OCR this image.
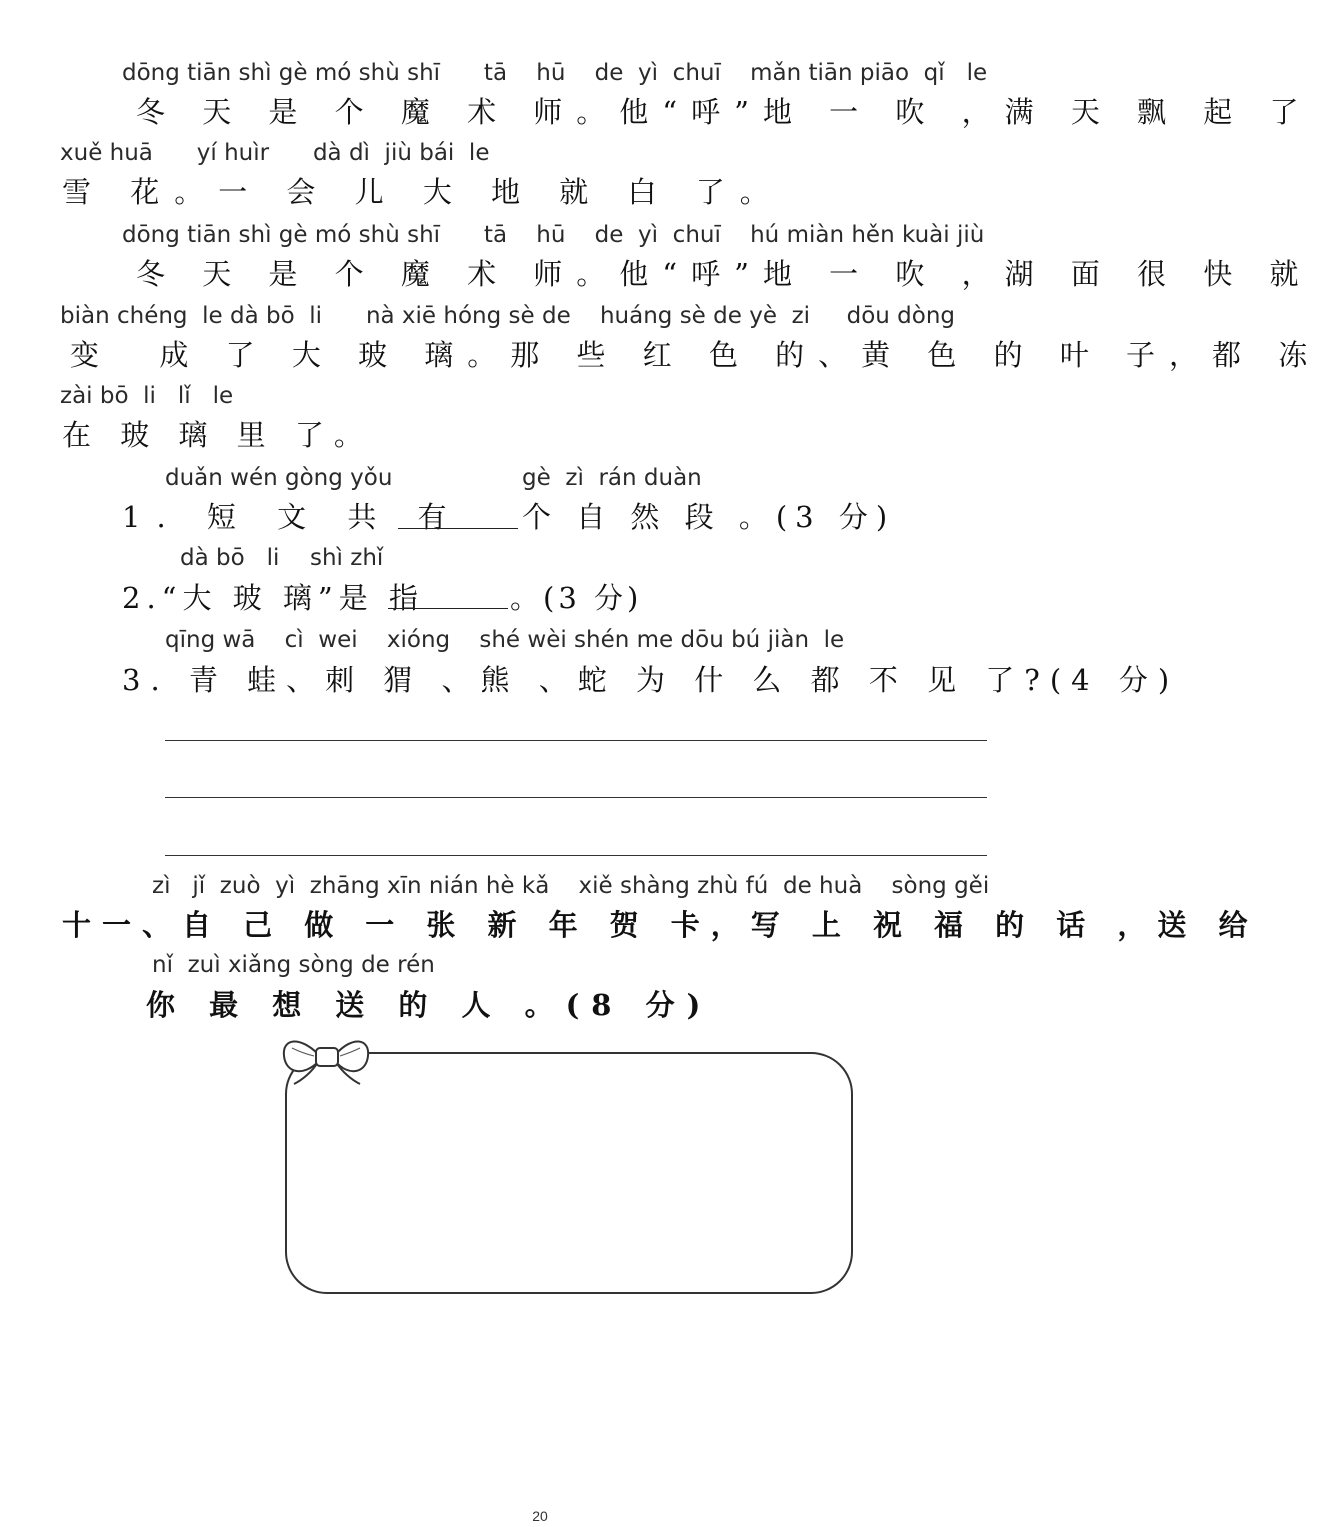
dōng tiān shì gè mó shù shī      tā    hū    de  yì  chuī    mǎn tiān piāo  qǐ   le
冬 天 是 个 魔 术 师。他“呼”地 一 吹 ，满 天 飘 起 了
xuě huā      yí huìr      dà dì  jiù bái  le
雪 花。一 会 儿 大 地 就 白 了。
dōng tiān shì gè mó shù shī      tā    hū    de  yì  chuī    hú miàn hěn kuài jiù
冬 天 是 个 魔 术 师。他“呼”地 一 吹 ，湖 面 很 快 就
biàn chéng  le dà bō  li      nà xiē hóng sè de    huáng sè de yè  zi     dōu dòng
变  成 了 大 玻 璃。那 些 红 色 的、黄 色 的 叶 子，都 冻
zài bō  li   lǐ   le
在 玻 璃 里 了。
duǎn wén gòng yǒu	gè  zì  rán duàn
1. 短 文 共 有 个 自 然 段 。(3 分)
dà bō   li shì zhǐ
2.“大 玻 璃”是 指	。(3 分)
qīng wā    cì  wei    xióng    shé wèi shén me dōu bú jiàn  le
3. 青 蛙、刺 猬 、熊 、蛇 为 什 么 都 不 见 了?(4 分)
zì   jǐ  zuò  yì  zhāng xīn nián hè kǎ    xiě shàng zhù fú  de huà    sòng gěi
十一、自 己 做 一 张 新 年 贺 卡，写 上 祝 福 的 话 ，送 给
nǐ  zuì xiǎng sòng de rén
你 最 想 送 的 人 。(8 分)
20
